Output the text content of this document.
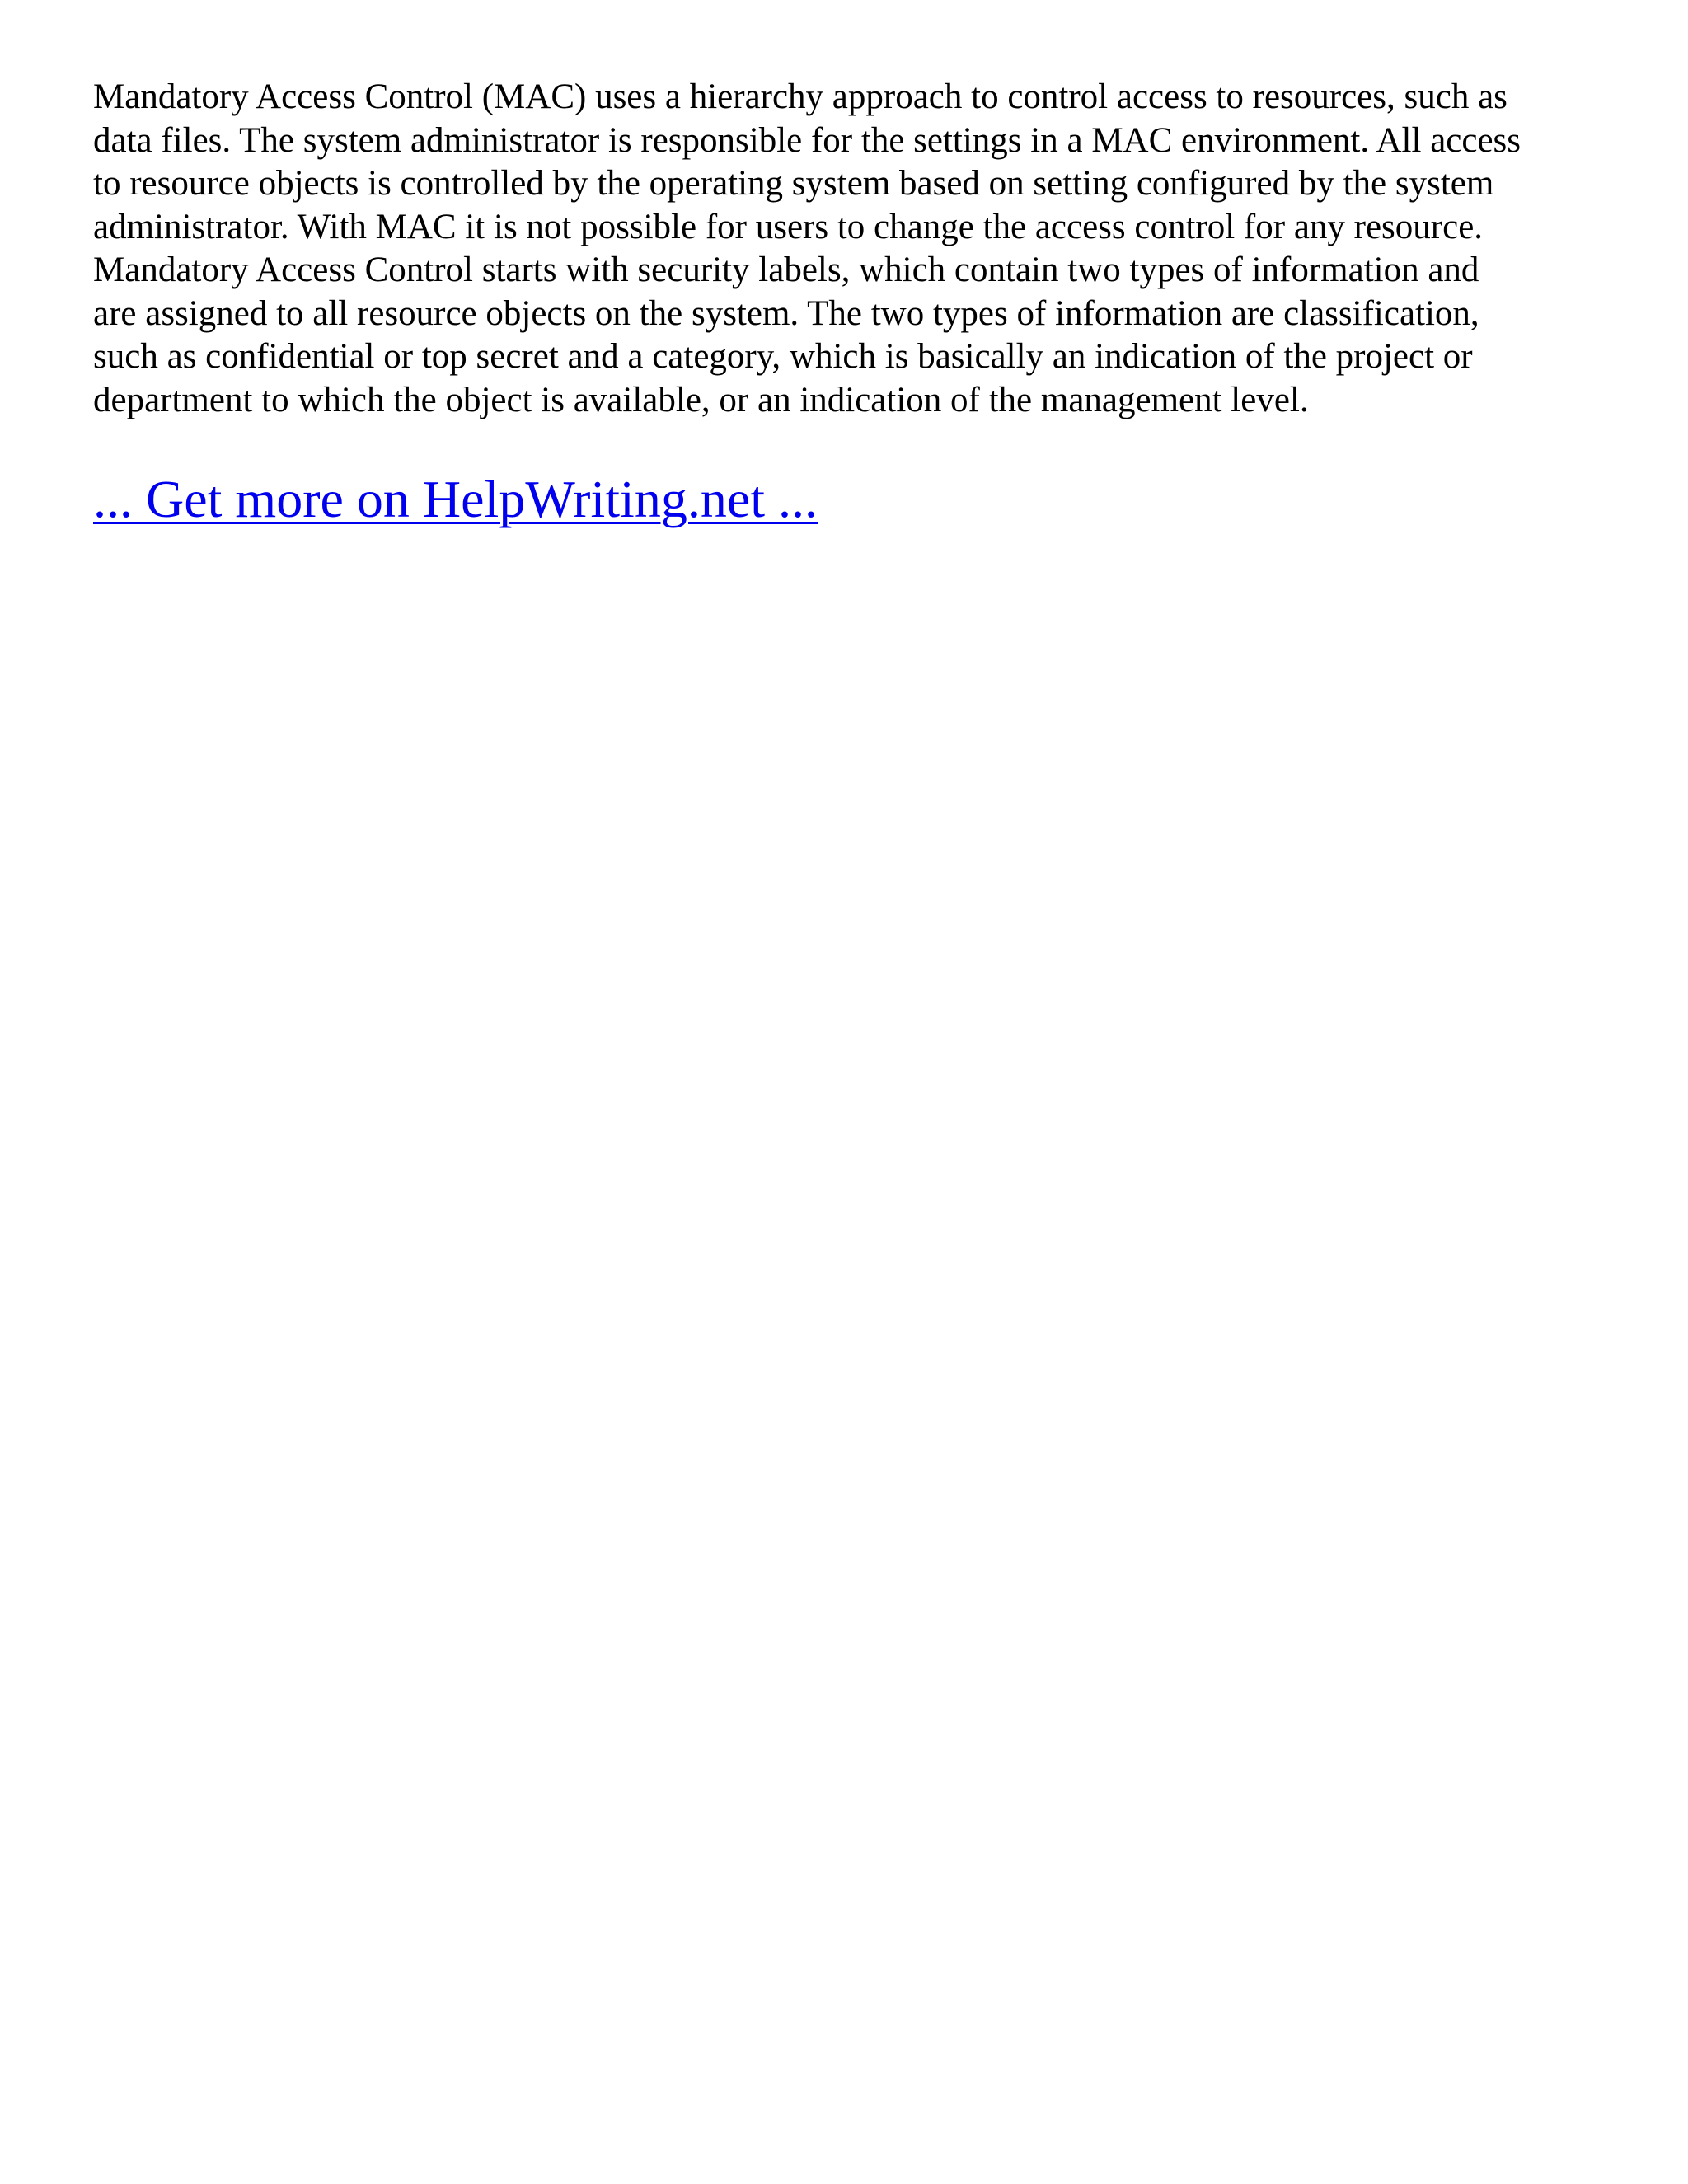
Mandatory Access Control (MAC) uses a hierarchy approach to control access to resources, such as
data files. The system administrator is responsible for the settings in a MAC environment. All access
to resource objects is controlled by the operating system based on setting configured by the system
administrator. With MAC it is not possible for users to change the access control for any resource.
Mandatory Access Control starts with security labels, which contain two types of information and
are assigned to all resource objects on the system. The two types of information are classification,
such as confidential or top secret and a category, which is basically an indication of the project or
department to which the object is available, or an indication of the management level.

... Get more on HelpWriting.net ...
